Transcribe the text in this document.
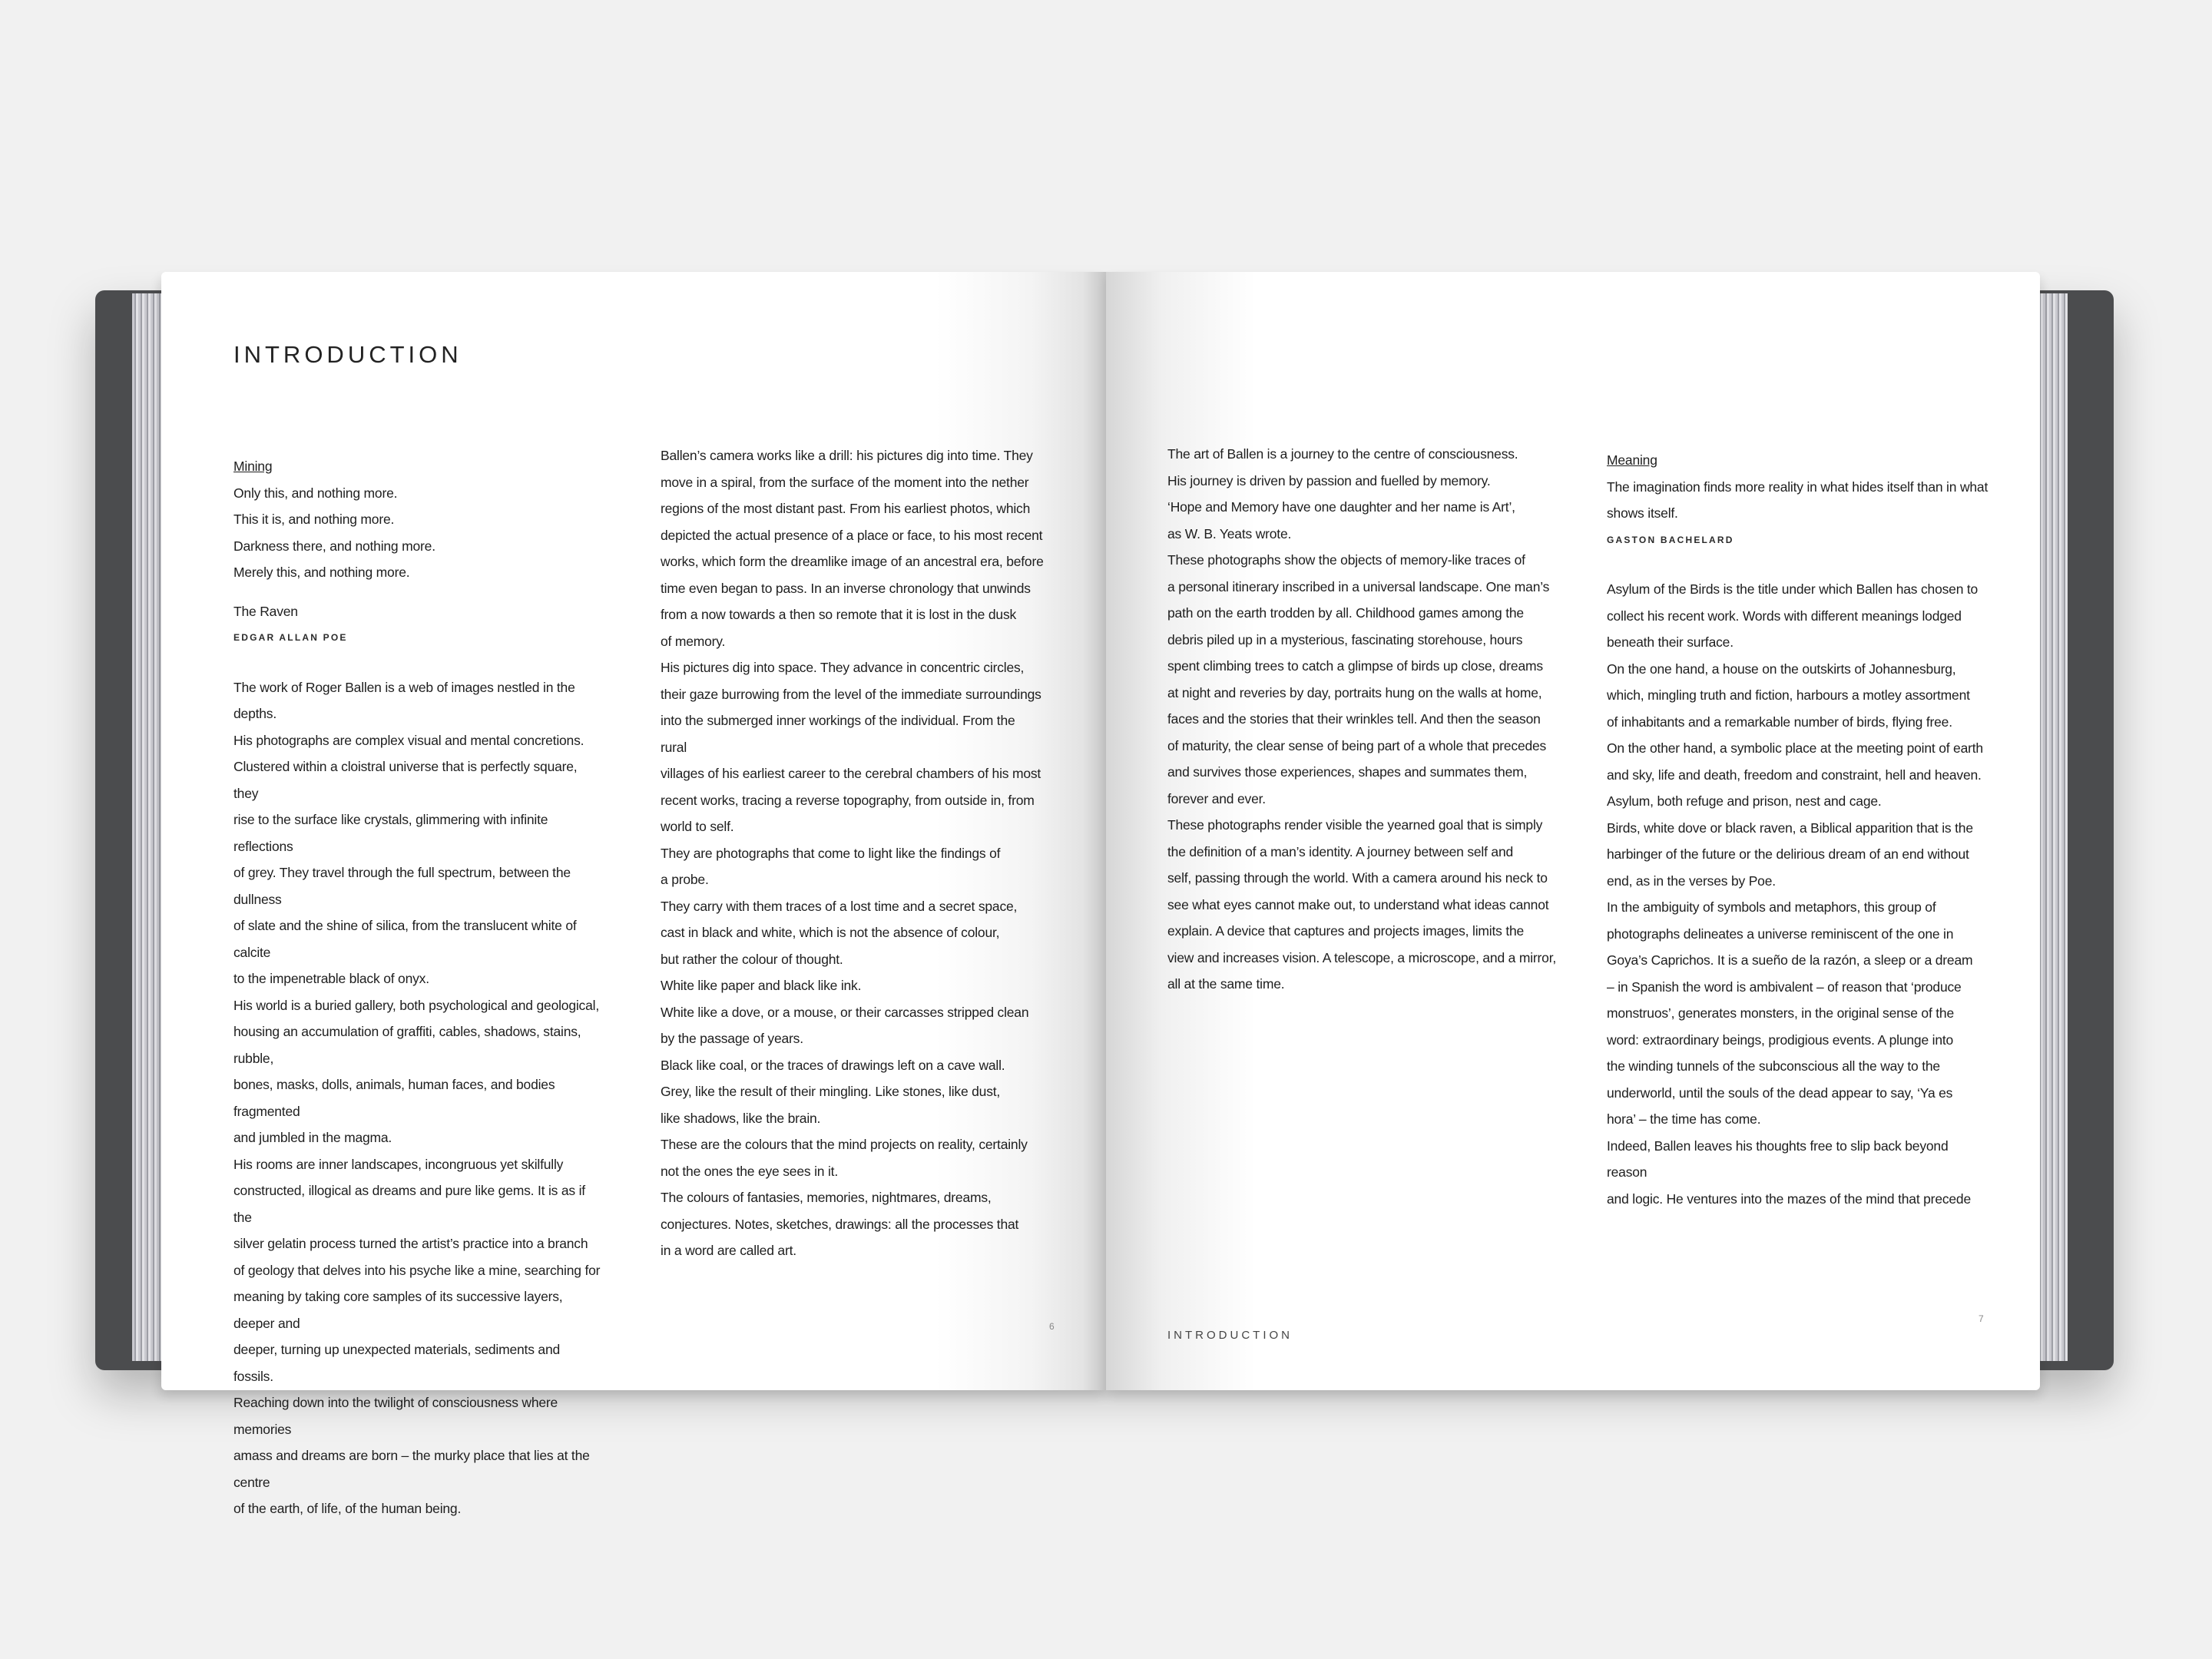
INTRODUCTION

Mining

Only this, and nothing more.

This it is, and nothing more.

Darkness there, and nothing more.

Merely this, and nothing more.

The Raven

EDGAR ALLAN POE

The work of Roger Ballen is a web of images nestled in the depths.

His photographs are complex visual and mental concretions.

Clustered within a cloistral universe that is perfectly square, they

rise to the surface like crystals, glimmering with infinite reflections

of grey. They travel through the full spectrum, between the dullness

of slate and the shine of silica, from the translucent white of calcite

to the impenetrable black of onyx.

His world is a buried gallery, both psychological and geological,

housing an accumulation of graffiti, cables, shadows, stains, rubble,

bones, masks, dolls, animals, human faces, and bodies fragmented

and jumbled in the magma.

His rooms are inner landscapes, incongruous yet skilfully

constructed, illogical as dreams and pure like gems. It is as if the

silver gelatin process turned the artist’s practice into a branch

of geology that delves into his psyche like a mine, searching for

meaning by taking core samples of its successive layers, deeper and

deeper, turning up unexpected materials, sediments and fossils.

Reaching down into the twilight of consciousness where memories

amass and dreams are born – the murky place that lies at the centre

of the earth, of life, of the human being.

Ballen’s camera works like a drill: his pictures dig into time. They

move in a spiral, from the surface of the moment into the nether

regions of the most distant past. From his earliest photos, which

depicted the actual presence of a place or face, to his most recent

works, which form the dreamlike image of an ancestral era, before

time even began to pass. In an inverse chronology that unwinds

from a now towards a then so remote that it is lost in the dusk

of memory.

His pictures dig into space. They advance in concentric circles,

their gaze burrowing from the level of the immediate surroundings

into the submerged inner workings of the individual. From the rural

villages of his earliest career to the cerebral chambers of his most

recent works, tracing a reverse topography, from outside in, from

world to self.

They are photographs that come to light like the findings of

a probe.

They carry with them traces of a lost time and a secret space,

cast in black and white, which is not the absence of colour,

but rather the colour of thought.

White like paper and black like ink.

White like a dove, or a mouse, or their carcasses stripped clean

by the passage of years.

Black like coal, or the traces of drawings left on a cave wall.

Grey, like the result of their mingling. Like stones, like dust,

like shadows, like the brain.

These are the colours that the mind projects on reality, certainly

not the ones the eye sees in it.

The colours of fantasies, memories, nightmares, dreams,

conjectures. Notes, sketches, drawings: all the processes that

in a word are called art.

6

The art of Ballen is a journey to the centre of consciousness.

His journey is driven by passion and fuelled by memory.

‘Hope and Memory have one daughter and her name is Art’,

as W. B. Yeats wrote.

These photographs show the objects of memory-like traces of

a personal itinerary inscribed in a universal landscape. One man’s

path on the earth trodden by all. Childhood games among the

debris piled up in a mysterious, fascinating storehouse, hours

spent climbing trees to catch a glimpse of birds up close, dreams

at night and reveries by day, portraits hung on the walls at home,

faces and the stories that their wrinkles tell. And then the season

of maturity, the clear sense of being part of a whole that precedes

and survives those experiences, shapes and summates them,

forever and ever.

These photographs render visible the yearned goal that is simply

the definition of a man’s identity. A journey between self and

self, passing through the world. With a camera around his neck to

see what eyes cannot make out, to understand what ideas cannot

explain. A device that captures and projects images, limits the

view and increases vision. A telescope, a microscope, and a mirror,

all at the same time.

Meaning

The imagination finds more reality in what hides itself than in what

shows itself.

GASTON BACHELARD

Asylum of the Birds is the title under which Ballen has chosen to

collect his recent work. Words with different meanings lodged

beneath their surface.

On the one hand, a house on the outskirts of Johannesburg,

which, mingling truth and fiction, harbours a motley assortment

of inhabitants and a remarkable number of birds, flying free.

On the other hand, a symbolic place at the meeting point of earth

and sky, life and death, freedom and constraint, hell and heaven.

Asylum, both refuge and prison, nest and cage.

Birds, white dove or black raven, a Biblical apparition that is the

harbinger of the future or the delirious dream of an end without

end, as in the verses by Poe.

In the ambiguity of symbols and metaphors, this group of

photographs delineates a universe reminiscent of the one in

Goya’s Caprichos. It is a sueño de la razón, a sleep or a dream

– in Spanish the word is ambivalent – of reason that ‘produce

monstruos’, generates monsters, in the original sense of the

word: extraordinary beings, prodigious events. A plunge into

the winding tunnels of the subconscious all the way to the

underworld, until the souls of the dead appear to say, ‘Ya es

hora’ – the time has come.

Indeed, Ballen leaves his thoughts free to slip back beyond reason

and logic. He ventures into the mazes of the mind that precede

INTRODUCTION
7
